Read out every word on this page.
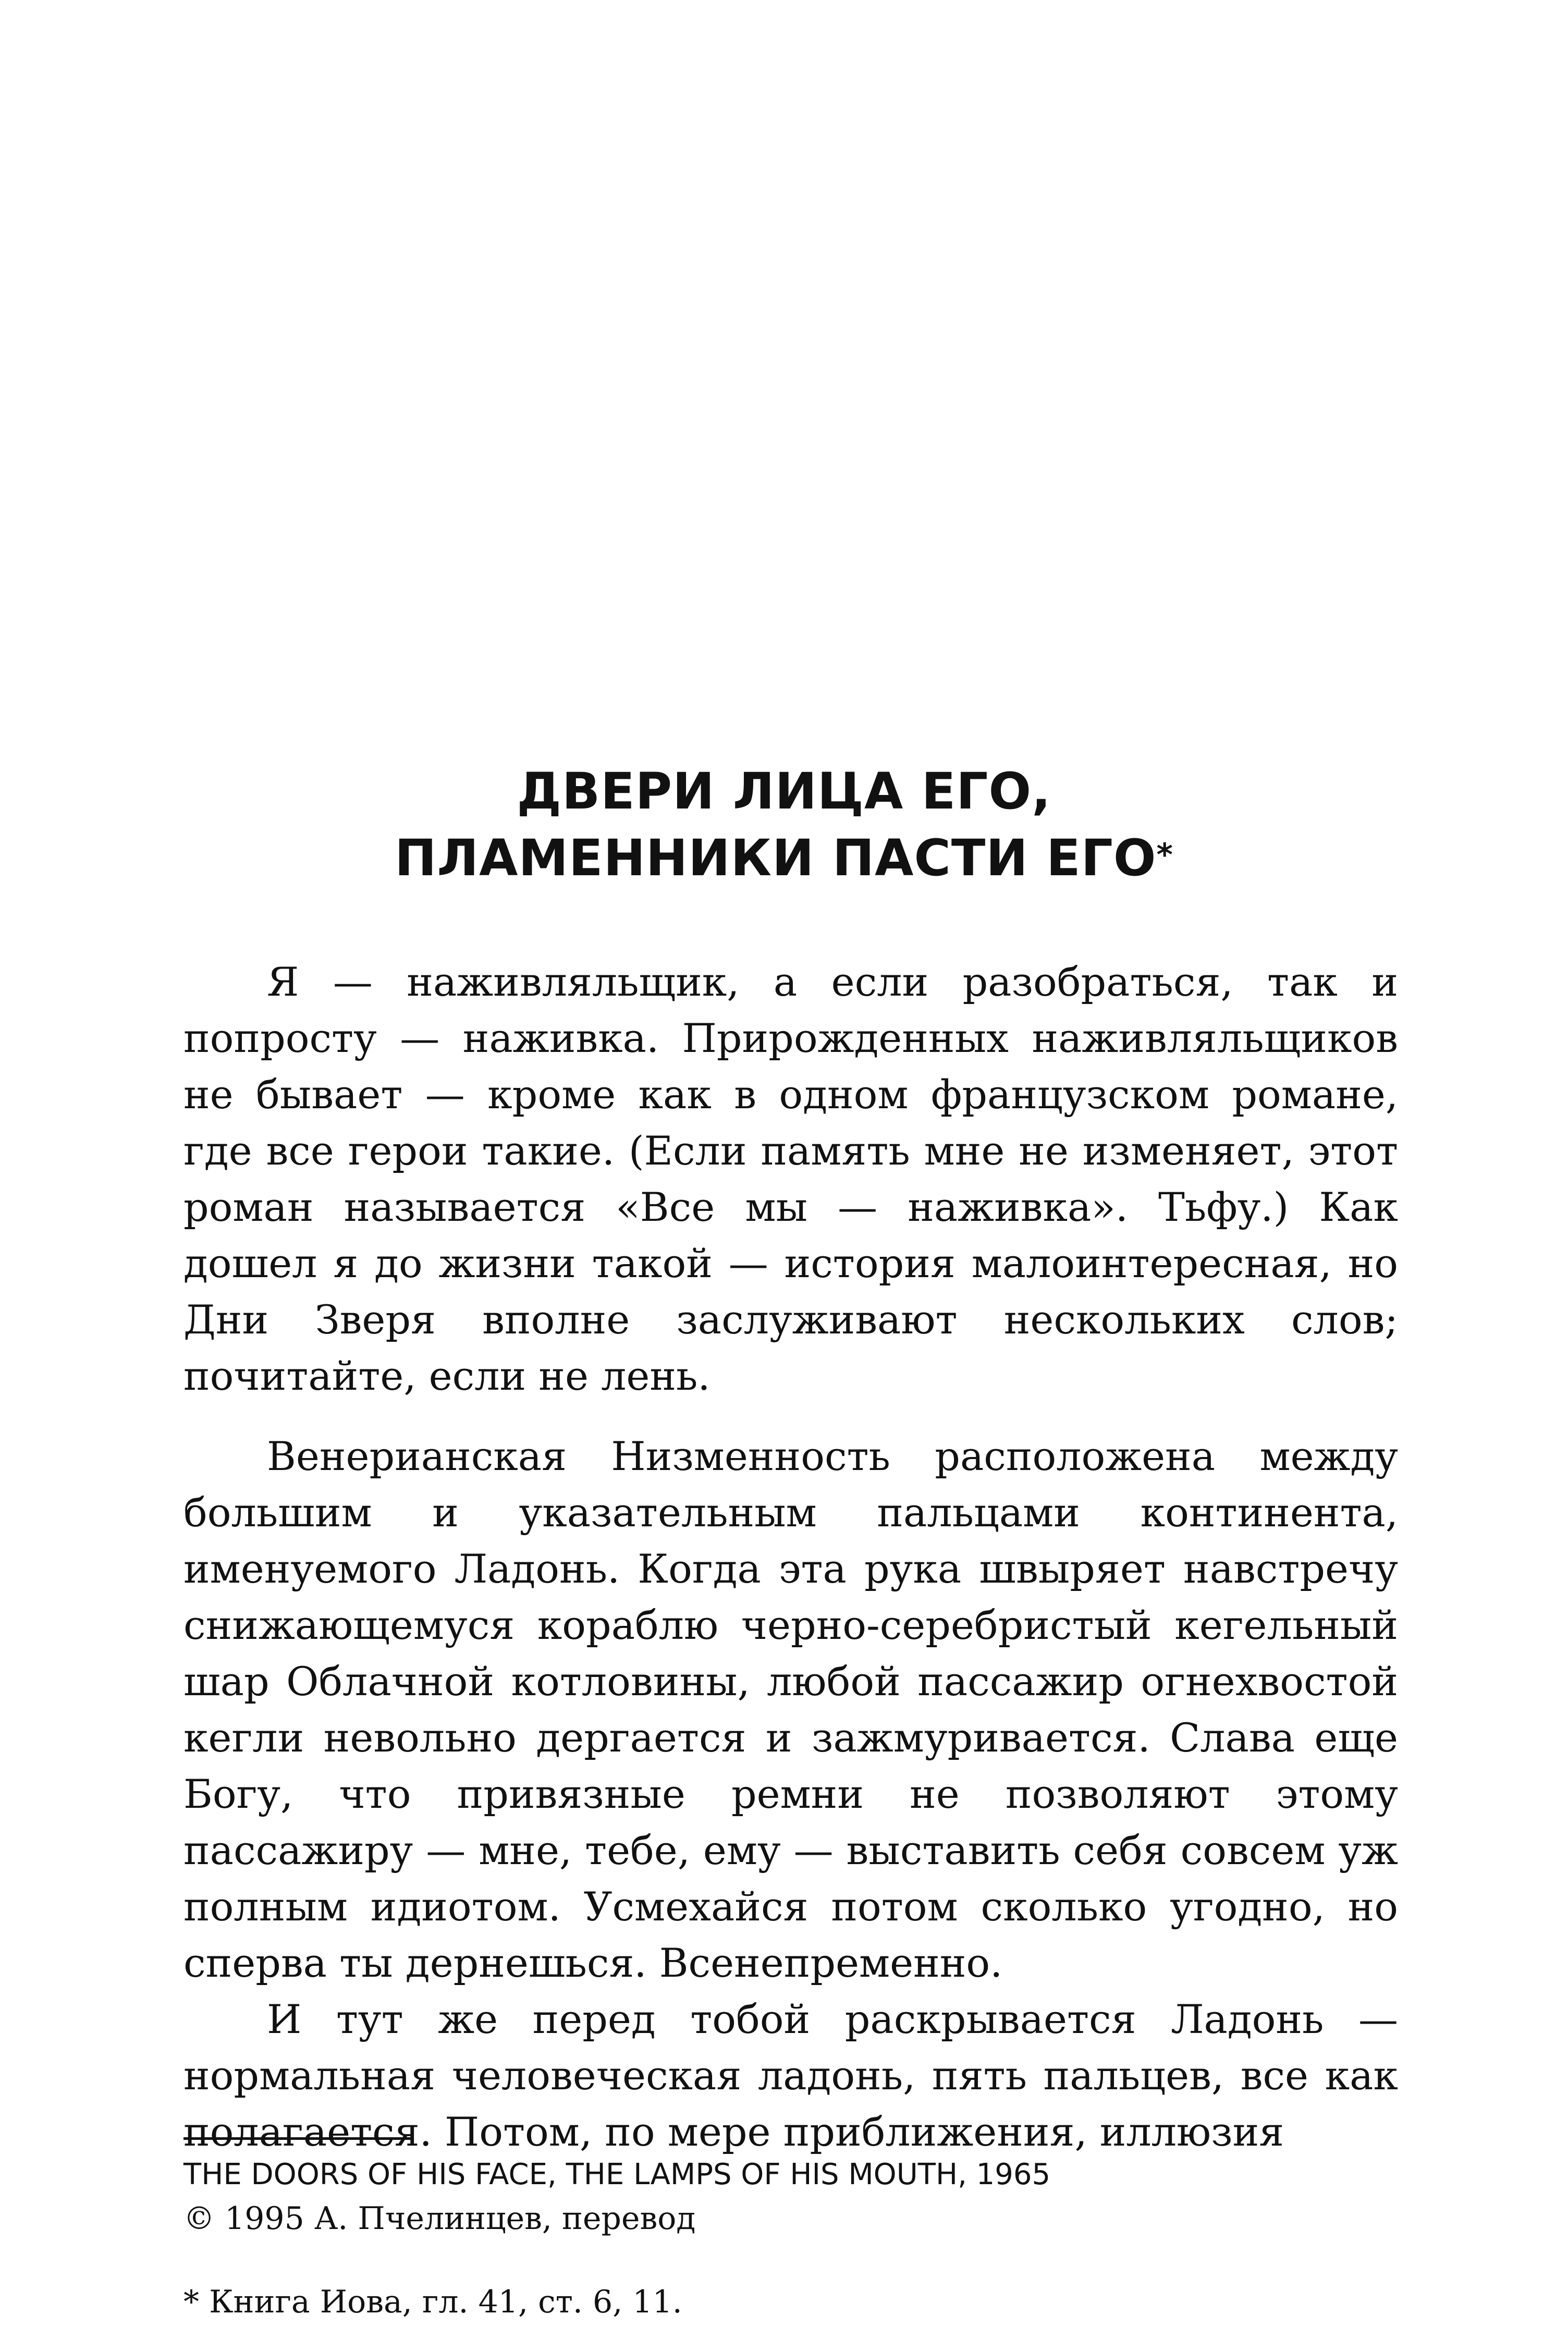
ДВЕРИ ЛИЦА ЕГО,
ПЛАМЕННИКИ ПАСТИ ЕГО*

Я — наживляльщик, а если разобраться, так и попросту — наживка. Прирожденных наживляльщиков не бывает — кроме как в одном французском романе, где все герои такие. (Если память мне не изменяет, этот роман называется «Все мы — наживка». Тьфу.) Как дошел я до жизни такой — история малоинтересная, но Дни Зверя вполне заслуживают нескольких слов; почитайте, если не лень.

Венерианская Низменность расположена между большим и указательным пальцами континента, именуемого Ладонь. Когда эта рука швыряет навстречу снижающемуся кораблю черно-серебристый кегельный шар Облачной котловины, любой пассажир огнехвостой кегли невольно дергается и зажмуривается. Слава еще Богу, что привязные ремни не позволяют этому пассажиру — мне, тебе, ему — выставить себя совсем уж полным идиотом. Усмехайся потом сколько угодно, но сперва ты дернешься. Всенепременно.

И тут же перед тобой раскрывается Ладонь — нормальная человеческая ладонь, пять пальцев, все как полагается. Потом, по мере приближения, иллюзия

THE DOORS OF HIS FACE, THE LAMPS OF HIS MOUTH, 1965
© 1995 А. Пчелинцев, перевод
* Книга Иова, гл. 41, ст. 6, 11.
